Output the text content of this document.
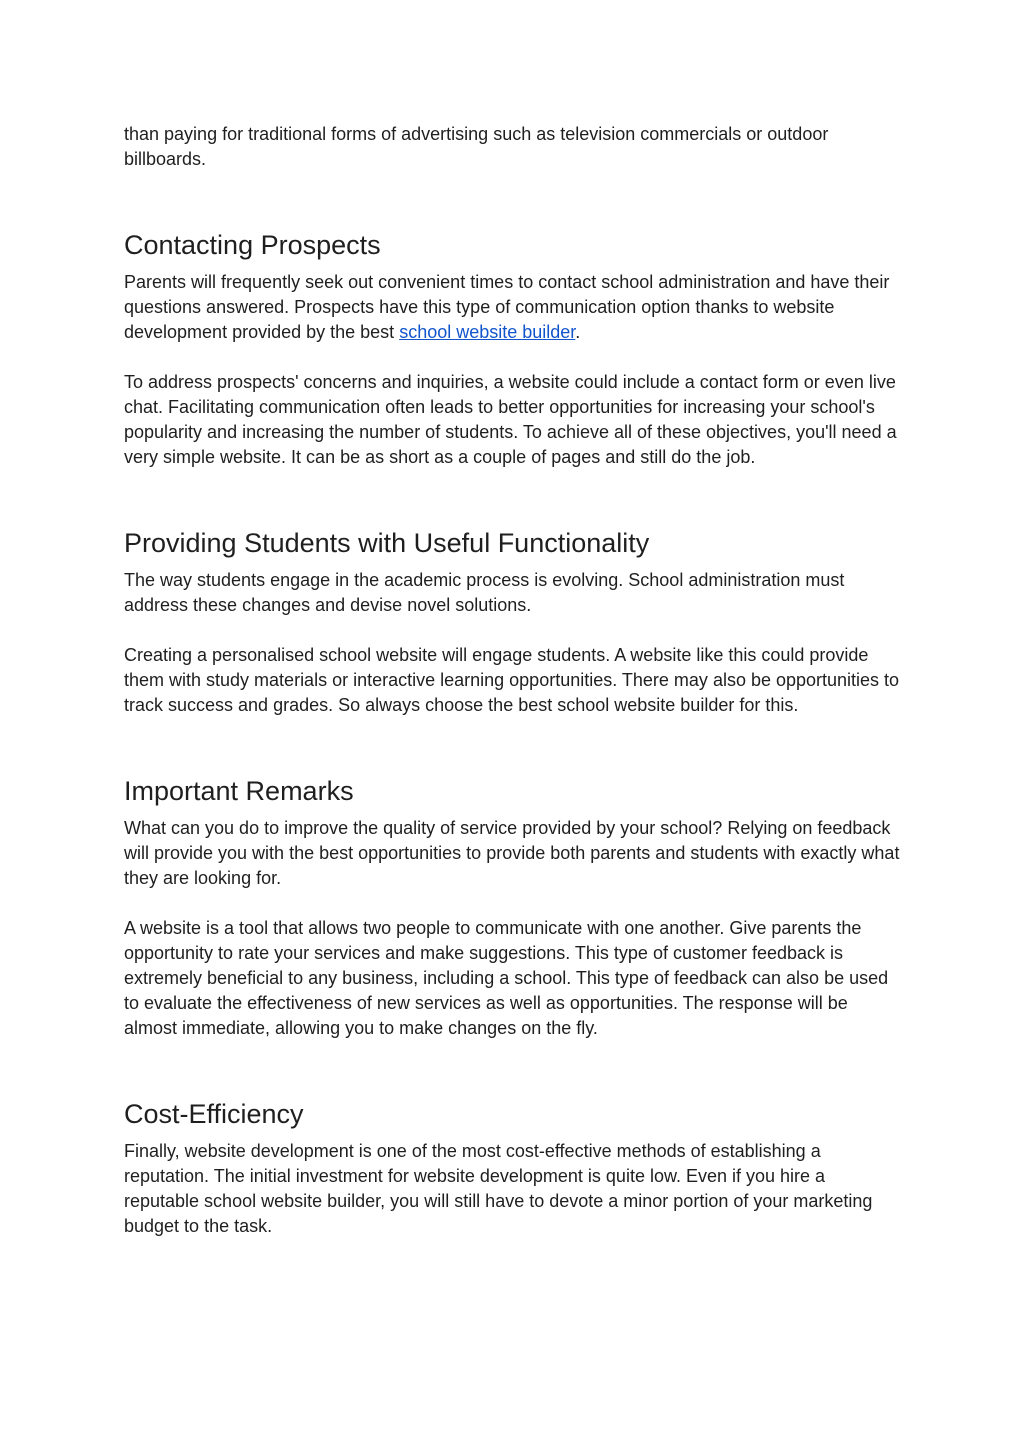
than paying for traditional forms of advertising such as television commercials or outdoor billboards.

Contacting Prospects

Parents will frequently seek out convenient times to contact school administration and have their questions answered. Prospects have this type of communication option thanks to website development provided by the best school website builder.

To address prospects' concerns and inquiries, a website could include a contact form or even live chat. Facilitating communication often leads to better opportunities for increasing your school's popularity and increasing the number of students. To achieve all of these objectives, you'll need a very simple website. It can be as short as a couple of pages and still do the job.

Providing Students with Useful Functionality

The way students engage in the academic process is evolving. School administration must address these changes and devise novel solutions.

Creating a personalised school website will engage students. A website like this could provide them with study materials or interactive learning opportunities. There may also be opportunities to track success and grades. So always choose the best school website builder for this.

Important Remarks

What can you do to improve the quality of service provided by your school? Relying on feedback will provide you with the best opportunities to provide both parents and students with exactly what they are looking for.

A website is a tool that allows two people to communicate with one another. Give parents the opportunity to rate your services and make suggestions. This type of customer feedback is extremely beneficial to any business, including a school. This type of feedback can also be used to evaluate the effectiveness of new services as well as opportunities. The response will be almost immediate, allowing you to make changes on the fly.

Cost-Efficiency

Finally, website development is one of the most cost-effective methods of establishing a reputation. The initial investment for website development is quite low. Even if you hire a reputable school website builder, you will still have to devote a minor portion of your marketing budget to the task.
